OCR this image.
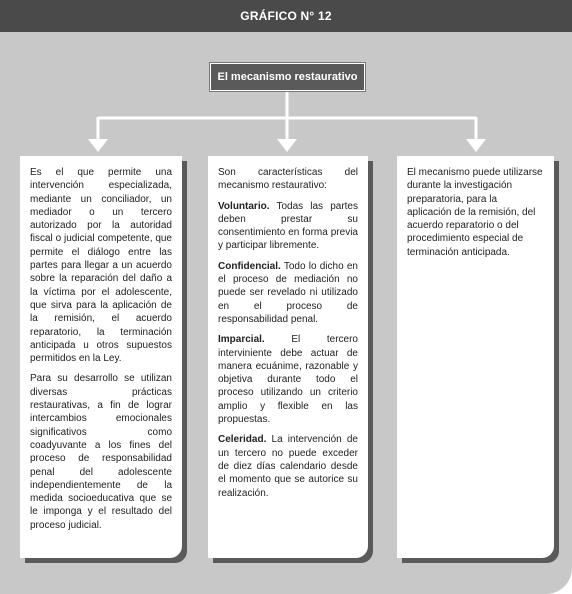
GRÁFICO N° 12
El mecanismo restaurativo

Es el que permite una intervención especializada, mediante un conciliador, un mediador o un tercero autorizado por la autoridad fiscal o judicial competente, que permite el diálogo entre las partes para llegar a un acuerdo sobre la reparación del daño a la víctima por el adolescente, que sirva para la aplicación de la remisión, el acuerdo reparatorio, la terminación anticipada u otros supuestos permitidos en la Ley.

Para su desarrollo se utilizan diversas prácticas restaurativas, a fin de lograr intercambios emocionales significativos como coadyuvante a los fines del proceso de responsabilidad penal del adolescente independientemente de la medida socioeducativa que se le imponga y el resultado del proceso judicial.

Son características del mecanismo restaurativo:

Voluntario. Todas las partes deben prestar su consentimiento en forma previa y participar libremente.

Confidencial. Todo lo dicho en el proceso de mediación no puede ser revelado ni utilizado en el proceso de responsabilidad penal.

Imparcial. El tercero interviniente debe actuar de manera ecuánime, razonable y objetiva durante todo el proceso utilizando un criterio amplio y flexible en las propuestas.

Celeridad. La intervención de un tercero no puede exceder de diez días calendario desde el momento que se autorice su realización.

El mecanismo puede utilizarse durante la investigación preparatoria, para la aplicación de la remisión, del acuerdo reparatorio o del procedimiento especial de terminación anticipada.
